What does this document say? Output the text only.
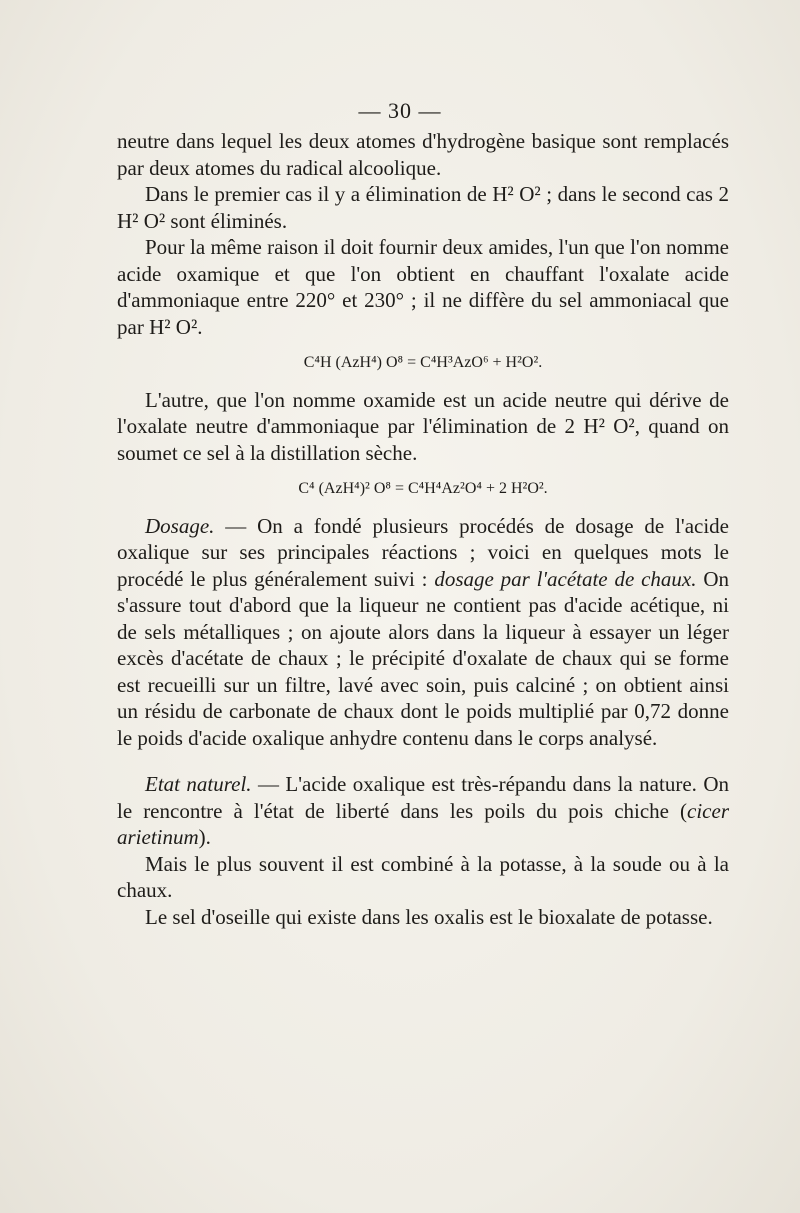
— 30 —

neutre dans lequel les deux atomes d'hydrogène basique sont remplacés par deux atomes du radical alcoolique.

Dans le premier cas il y a élimination de H² O² ; dans le second cas 2 H² O² sont éliminés.

Pour la même raison il doit fournir deux amides, l'un que l'on nomme acide oxamique et que l'on obtient en chauffant l'oxalate acide d'ammoniaque entre 220° et 230° ; il ne diffère du sel ammoniacal que par H² O².

C⁴H (AzH⁴) O⁸ = C⁴H³AzO⁶ + H²O².

L'autre, que l'on nomme oxamide est un acide neutre qui dérive de l'oxalate neutre d'ammoniaque par l'élimination de 2 H² O², quand on soumet ce sel à la distillation sèche.

C⁴ (AzH⁴)² O⁸ = C⁴H⁴Az²O⁴ + 2 H²O².

Dosage. — On a fondé plusieurs procédés de dosage de l'acide oxalique sur ses principales réactions ; voici en quelques mots le procédé le plus généralement suivi : dosage par l'acétate de chaux. On s'assure tout d'abord que la liqueur ne contient pas d'acide acétique, ni de sels métalliques ; on ajoute alors dans la liqueur à essayer un léger excès d'acétate de chaux ; le précipité d'oxalate de chaux qui se forme est recueilli sur un filtre, lavé avec soin, puis calciné ; on obtient ainsi un résidu de carbonate de chaux dont le poids multiplié par 0,72 donne le poids d'acide oxalique anhydre contenu dans le corps analysé.

Etat naturel. — L'acide oxalique est très-répandu dans la nature. On le rencontre à l'état de liberté dans les poils du pois chiche (cicer arietinum).

Mais le plus souvent il est combiné à la potasse, à la soude ou à la chaux.

Le sel d'oseille qui existe dans les oxalis est le bioxalate de potasse.
